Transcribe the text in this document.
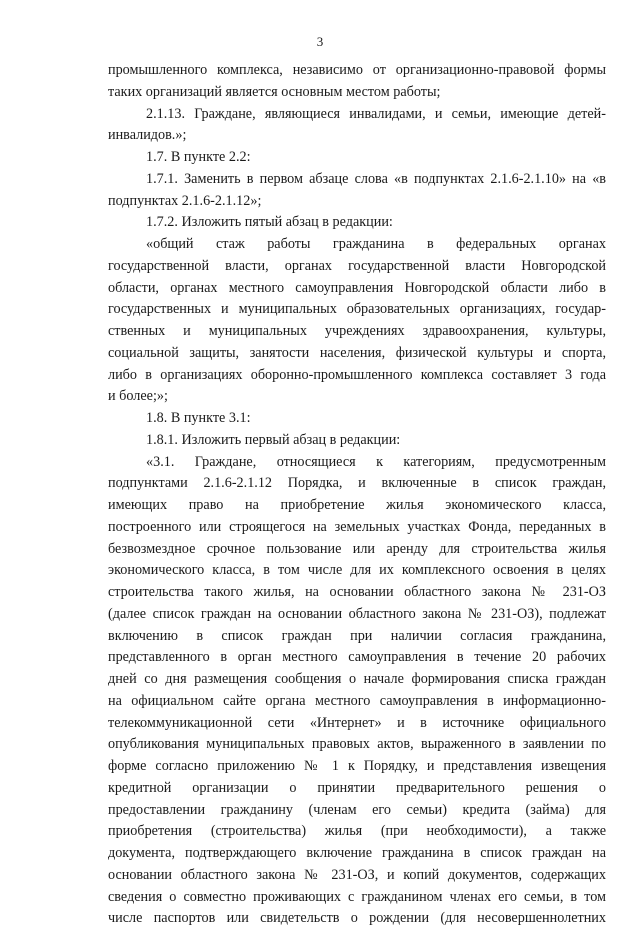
3
промышленного комплекса, независимо от организационно-правовой формы
таких организаций является основным местом работы;
2.1.13. Граждане, являющиеся инвалидами, и семьи, имеющие детей-
инвалидов.»;
1.7. В пункте 2.2:
1.7.1. Заменить в первом абзаце слова «в подпунктах 2.1.6-2.1.10» на «в
подпунктах 2.1.6-2.1.12»;
1.7.2. Изложить пятый абзац в редакции:
«общий стаж работы гражданина в федеральных органах
государственной власти, органах государственной власти Новгородской
области, органах местного самоуправления Новгородской области либо в
государственных и муниципальных образовательных организациях, государ-
ственных и муниципальных учреждениях здравоохранения, культуры,
социальной защиты, занятости населения, физической культуры и спорта,
либо в организациях оборонно-промышленного комплекса составляет 3 года
и более;»;
1.8. В пункте 3.1:
1.8.1. Изложить первый абзац в редакции:
«3.1. Граждане, относящиеся к категориям, предусмотренным
подпунктами 2.1.6-2.1.12 Порядка, и включенные в список граждан,
имеющих право на приобретение жилья экономического класса,
построенного или строящегося на земельных участках Фонда, переданных в
безвозмездное срочное пользование или аренду для строительства жилья
экономического класса, в том числе для их комплексного освоения в целях
строительства такого жилья, на основании областного закона № 231-ОЗ
(далее список граждан на основании областного закона № 231-ОЗ), подлежат
включению в список граждан при наличии согласия гражданина,
представленного в орган местного самоуправления в течение 20 рабочих
дней со дня размещения сообщения о начале формирования списка граждан
на официальном сайте органа местного самоуправления в информационно-
телекоммуникационной сети «Интернет» и в источнике официального
опубликования муниципальных правовых актов, выраженного в заявлении по
форме согласно приложению № 1 к Порядку, и представления извещения
кредитной организации о принятии предварительного решения о
предоставлении гражданину (членам его семьи) кредита (займа) для
приобретения (строительства) жилья (при необходимости), а также
документа, подтверждающего включение гражданина в список граждан на
основании областного закона № 231-ОЗ, и копий документов, содержащих
сведения о совместно проживающих с гражданином членах его семьи, в том
числе паспортов или свидетельств о рождении (для несовершеннолетних
